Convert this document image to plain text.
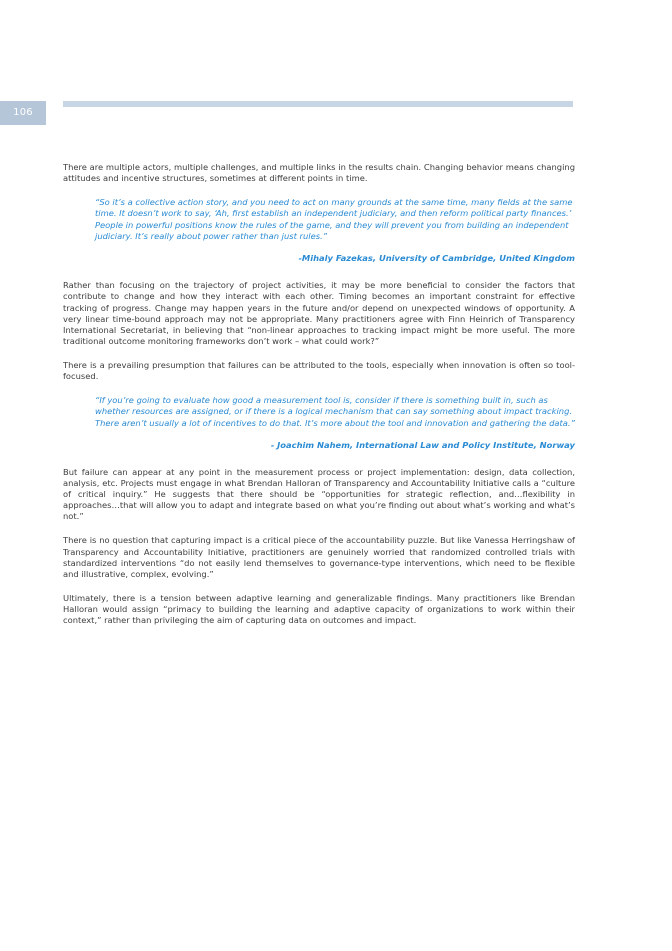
106

There are multiple actors, multiple challenges, and multiple links in the results chain. Changing behavior means changing attitudes and incentive structures, sometimes at different points in time.

“So it’s a collective action story, and you need to act on many grounds at the same time, many fields at the same time. It doesn’t work to say, ‘Ah, first establish an independent judiciary, and then reform political party finances.’ People in powerful positions know the rules of the game, and they will prevent you from building an independent judiciary. It’s really about power rather than just rules.”

-Mihaly Fazekas, University of Cambridge, United Kingdom

Rather than focusing on the trajectory of project activities, it may be more beneficial to consider the factors that contribute to change and how they interact with each other. Timing becomes an important constraint for effective tracking of progress. Change may happen years in the future and/or depend on unexpected windows of opportunity. A very linear time-bound approach may not be appropriate. Many practitioners agree with Finn Heinrich of Transparency International Secretariat, in believing that “non-linear approaches to tracking impact might be more useful. The more traditional outcome monitoring frameworks don’t work – what could work?”

There is a prevailing presumption that failures can be attributed to the tools, especially when innovation is often so tool-focused.

“If you’re going to evaluate how good a measurement tool is, consider if there is something built in, such as whether resources are assigned, or if there is a logical mechanism that can say something about impact tracking. There aren’t usually a lot of incentives to do that. It’s more about the tool and innovation and gathering the data.”

- Joachim Nahem, International Law and Policy Institute, Norway

But failure can appear at any point in the measurement process or project implementation: design, data collection, analysis, etc. Projects must engage in what Brendan Halloran of Transparency and Accountability Initiative calls a “culture of critical inquiry.” He suggests that there should be “opportunities for strategic reflection, and…flexibility in approaches…that will allow you to adapt and integrate based on what you’re finding out about what’s working and what’s not.”

There is no question that capturing impact is a critical piece of the accountability puzzle. But like Vanessa Herringshaw of Transparency and Accountability Initiative, practitioners are genuinely worried that randomized controlled trials with standardized interventions “do not easily lend themselves to governance-type interventions, which need to be flexible and illustrative, complex, evolving.”

Ultimately, there is a tension between adaptive learning and generalizable findings. Many practitioners like Brendan Halloran would assign “primacy to building the learning and adaptive capacity of organizations to work within their context,” rather than privileging the aim of capturing data on outcomes and impact.
